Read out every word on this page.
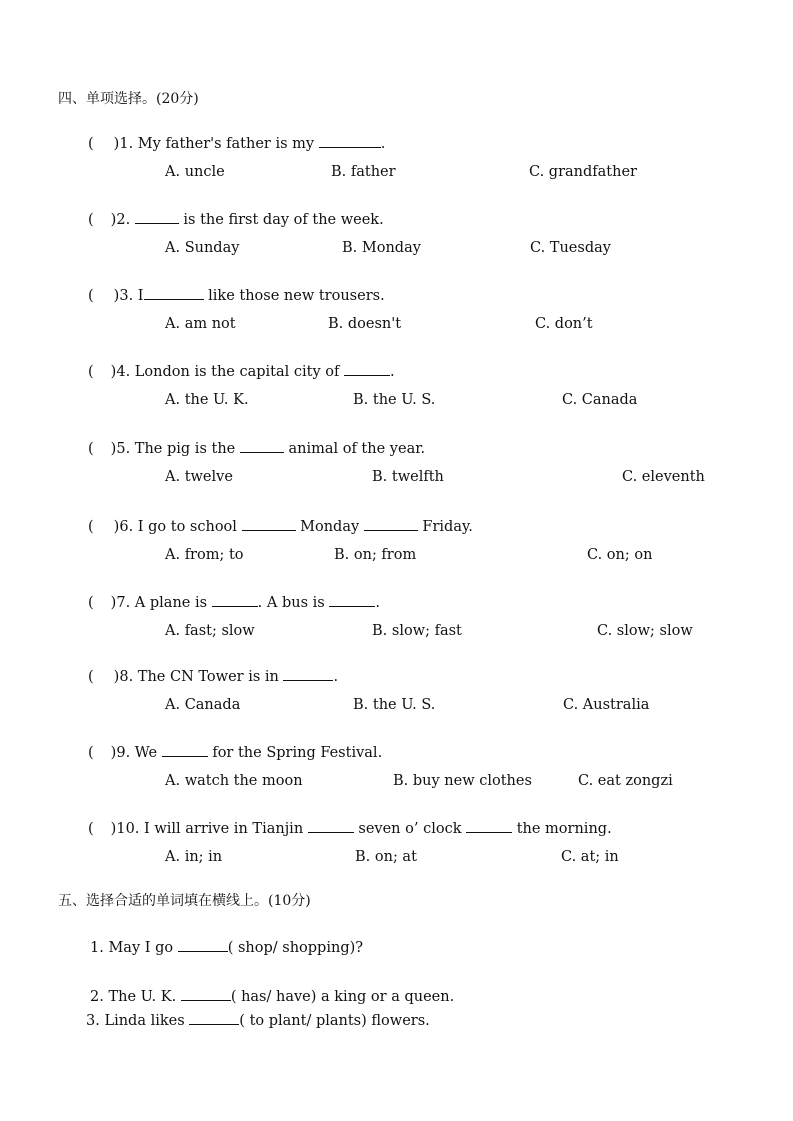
四、单项选择。(20分)
( )1. My father's father is my	.
A. uncle	B. father	C. grandfather
( )2.	is the first day of the week.
A. Sunday	B. Monday	C. Tuesday
( )3. I	like those new trousers.
A. am not	B. doesn't	C. don’t
( )4. London is the capital city of	.
A. the U. K.	B. the U. S.	C. Canada
( )5. The pig is the	animal of the year.
A. twelve	B. twelfth	C. eleventh
( )6. I go to school	Monday	Friday.
A. from; to	B. on; from	C. on; on
( )7. A plane is	. A bus is	.
A. fast; slow	B. slow; fast	C. slow; slow
( )8. The CN Tower is in	.
A. Canada	B. the U. S.	C. Australia
( )9. We	for the Spring Festival.
A. watch the moon	B. buy new clothes	C. eat zongzi
( )10. I will arrive in Tianjin	seven o’ clock	the morning.
A. in; in	B. on; at	C. at; in
五、选择合适的单词填在横线上。(10分)
1. May I go	( shop/ shopping)?
2. The U. K.	( has/ have) a king or a queen.
3. Linda likes	( to plant/ plants) flowers.
